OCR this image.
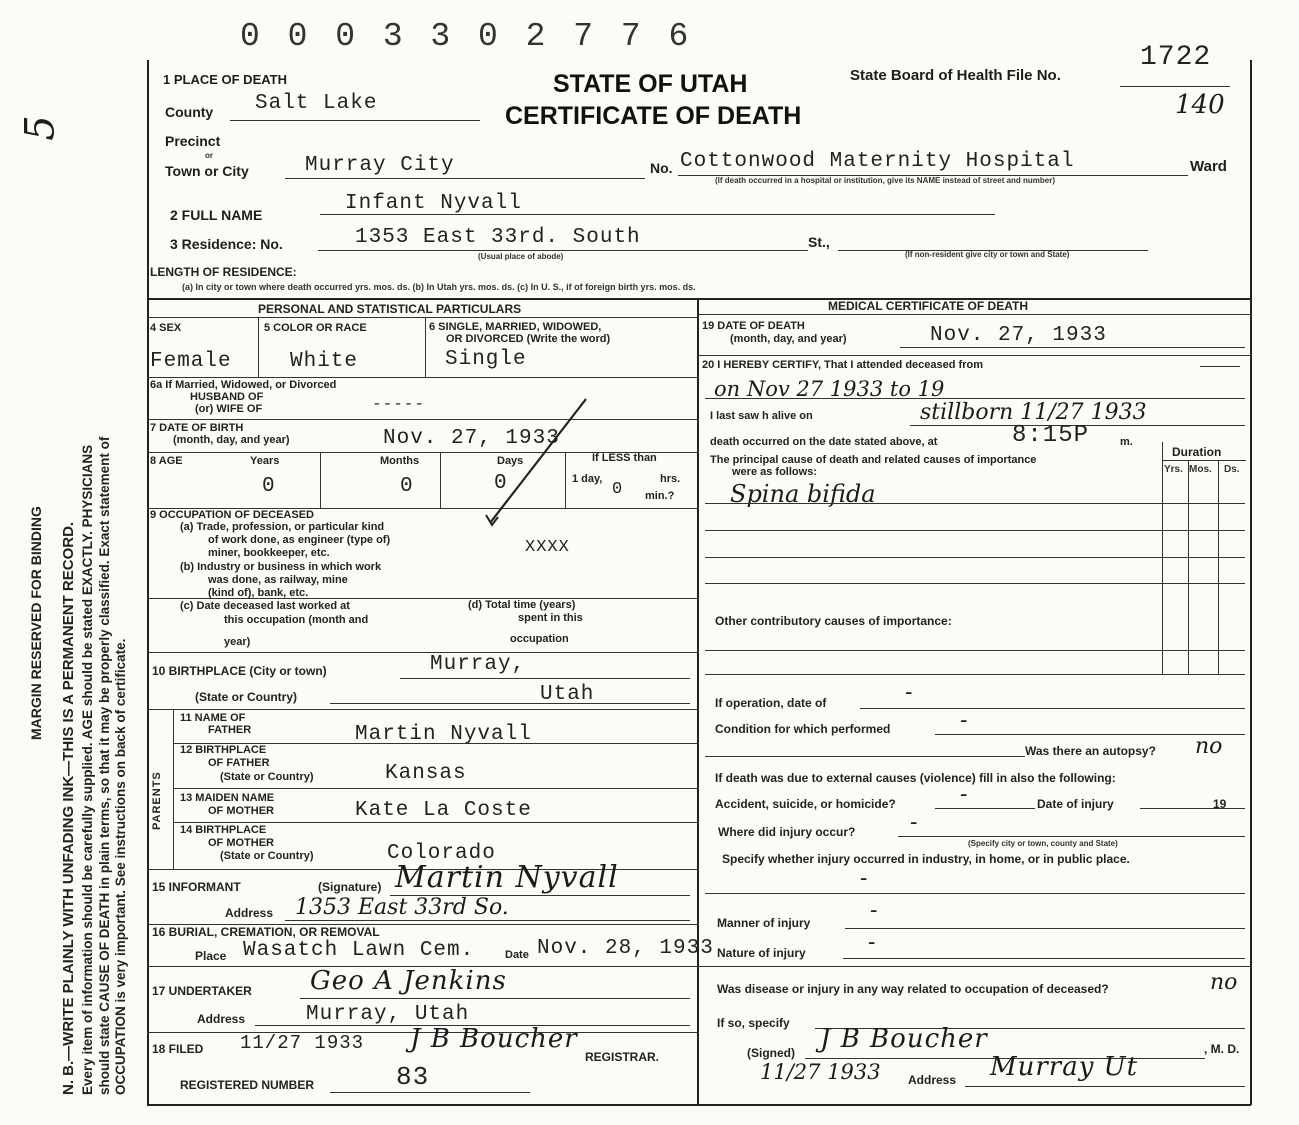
N. B.—WRITE PLAINLY WITH UNFADING INK—THIS IS A PERMANENT RECORD. Every item of information should be carefully supplied. AGE should be stated EXACTLY. PHYSICIANS should state CAUSE OF DEATH in plain terms, so that it may be properly classified. Exact statement of OCCUPATION is very important. See instructions on back of certificate.
MARGIN RESERVED FOR BINDING
5
0 0 0 3 3 0 2 7 7 6
1 PLACE OF DEATH	STATE OF UTAH
CERTIFICATE OF DEATH
State Board of Health File No.
1722
140
County Salt Lake
Precinct
or
Town or City	Murray City	No. Cottonwood Maternity Hospital	Ward
(If death occurred in a hospital or institution, give its NAME instead of street and number)
2 FULL NAME	Infant Nyvall
3 Residence: No.	1353 East 33rd. South	St.,
(Usual place of abode)	(If non-resident give city or town and State)
LENGTH OF RESIDENCE:
(a) In city or town where death occurred yrs. mos. ds. (b) In Utah yrs. mos. ds. (c) In U. S., if of foreign birth yrs. mos. ds.
PERSONAL AND STATISTICAL PARTICULARS	MEDICAL CERTIFICATE OF DEATH
4 SEX	5 COLOR OR RACE	6 SINGLE, MARRIED, WIDOWED,
OR DIVORCED (Write the word)
Female	White	Single
6a If Married, Widowed, or Divorced
HUSBAND OF
(or) WIFE OF	-----
7 DATE OF BIRTH
(month, day, and year)	Nov. 27, 1933
8 AGE	Years	Months	Days	If LESS than
1 day,	hrs.
min.?
0	0	0	0
9 OCCUPATION OF DECEASED
(a) Trade, profession, or particular kind
of work done, as engineer (type of)
miner, bookkeeper, etc.	XXXX
(b) Industry or business in which work
was done, as railway, mine
(kind of), bank, etc.
(c) Date deceased last worked at
this occupation (month and
year)
(d) Total time (years)
spent in this
occupation
10 BIRTHPLACE (City or town)	Murray,
(State or Country)	Utah
PARENTS
11 NAME OF
FATHER	Martin Nyvall
12 BIRTHPLACE
OF FATHER
(State or Country)	Kansas
13 MAIDEN NAME
OF MOTHER	Kate La Coste
14 BIRTHPLACE
OF MOTHER
(State or Country)	Colorado
15 INFORMANT	(Signature) Martin Nyvall
Address 1353 East 33rd So.
16 BURIAL, CREMATION, OR REMOVAL
Place Wasatch Lawn Cem.	Date Nov. 28, 1933
17 UNDERTAKER Geo A Jenkins
Address	Murray, Utah
18 FILED 11/27 1933 J B Boucher
REGISTRAR.
REGISTERED NUMBER	83
19 DATE OF DEATH
(month, day, and year)	Nov. 27, 1933
20 I HEREBY CERTIFY, That I attended deceased from
on Nov 27 1933 to 19
I last saw h alive on	stillborn 11/27 1933
death occurred on the date stated above, at	8:15P	m.
The principal cause of death and related causes of importance
were as follows:
Spina bifida
Duration
Yrs. Mos. Ds.
Other contributory causes of importance:
If operation, date of	-
Condition for which performed	-
Was there an autopsy? no
If death was due to external causes (violence) fill in also the following:
Accident, suicide, or homicide?	-	Date of injury	19
Where did injury occur? -
(Specify city or town, county and State)
Specify whether injury occurred in industry, in home, or in public place.
-
Manner of injury	-
Nature of injury	-
Was disease or injury in any way related to occupation of deceased?	no
If so, specify
(Signed) J B Boucher	, M. D.
11/27 1933 Address Murray Ut
